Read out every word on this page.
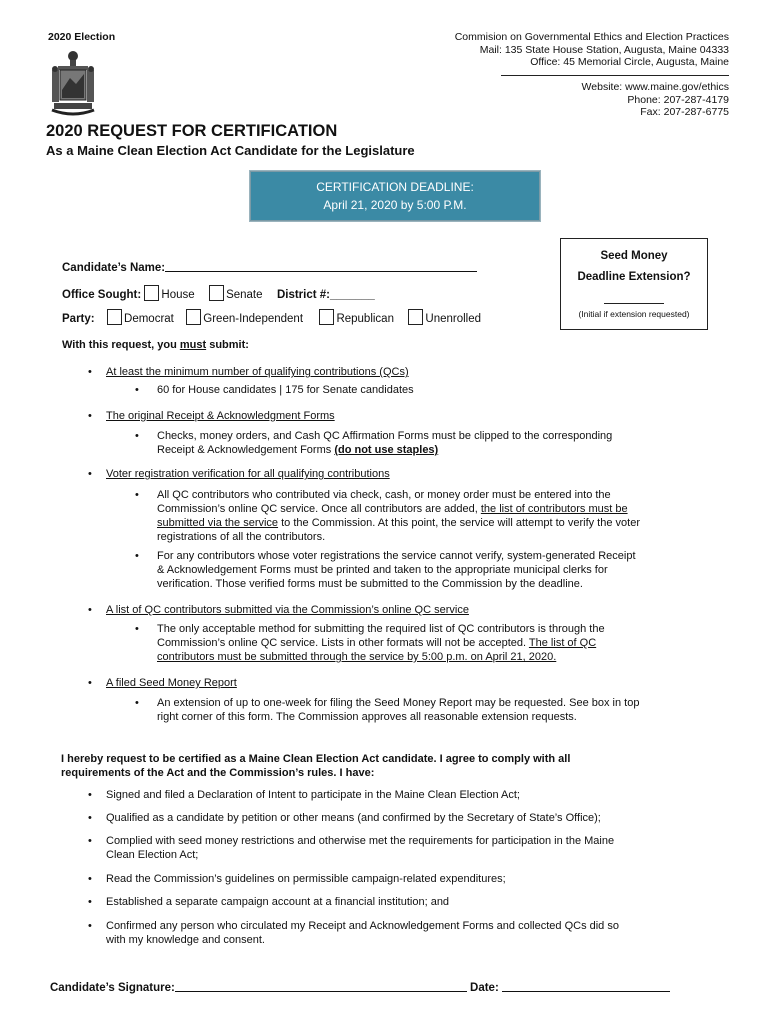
2020 Election	Commision on Governmental Ethics and Election Practices
Mail: 135 State House Station, Augusta, Maine 04333
Office: 45 Memorial Circle, Augusta, Maine
Website: www.maine.gov/ethics
Phone: 207-287-4179
Fax: 207-287-6775
2020 REQUEST FOR CERTIFICATION
As a Maine Clean Election Act Candidate for the Legislature
CERTIFICATION DEADLINE:
April 21, 2020 by 5:00 P.M.
Seed Money
Deadline Extension?
(Initial if extension requested)
Candidate’s Name:
Office Sought: House	Senate District #:_______
Party:	Democrat	Green-Independent	Republican	Unenrolled
With this request, you must submit:
• At least the minimum number of qualifying contributions (QCs)
• 60 for House candidates | 175 for Senate candidates
• The original Receipt & Acknowledgment Forms
• Checks, money orders, and Cash QC Affirmation Forms must be clipped to the corresponding
Receipt & Acknowledgement Forms (do not use staples)
• Voter registration verification for all qualifying contributions
• All QC contributors who contributed via check, cash, or money order must be entered into the
Commission’s online QC service. Once all contributors are added, the list of contributors must be
submitted via the service to the Commission. At this point, the service will attempt to verify the voter
registrations of all the contributors.
• For any contributors whose voter registrations the service cannot verify, system-generated Receipt
& Acknowledgement Forms must be printed and taken to the appropriate municipal clerks for
verification. Those verified forms must be submitted to the Commission by the deadline.
• A list of QC contributors submitted via the Commission’s online QC service
• The only acceptable method for submitting the required list of QC contributors is through the
Commission’s online QC service. Lists in other formats will not be accepted. The list of QC
contributors must be submitted through the service by 5:00 p.m. on April 21, 2020.
• A filed Seed Money Report
• An extension of up to one-week for filing the Seed Money Report may be requested. See box in top
right corner of this form. The Commission approves all reasonable extension requests.
• Signed and filed a Declaration of Intent to participate in the Maine Clean Election Act;
• Qualified as a candidate by petition or other means (and confirmed by the Secretary of State’s Office);
• Complied with seed money restrictions and otherwise met the requirements for participation in the Maine
Clean Election Act;
• Read the Commission’s guidelines on permissible campaign-related expenditures;
• Established a separate campaign account at a financial institution; and
• Confirmed any person who circulated my Receipt and Acknowledgement Forms and collected QCs did so
with my knowledge and consent.
I hereby request to be certified as a Maine Clean Election Act candidate. I agree to comply with all
requirements of the Act and the Commission’s rules. I have:
Candidate’s Signature:	Date:
